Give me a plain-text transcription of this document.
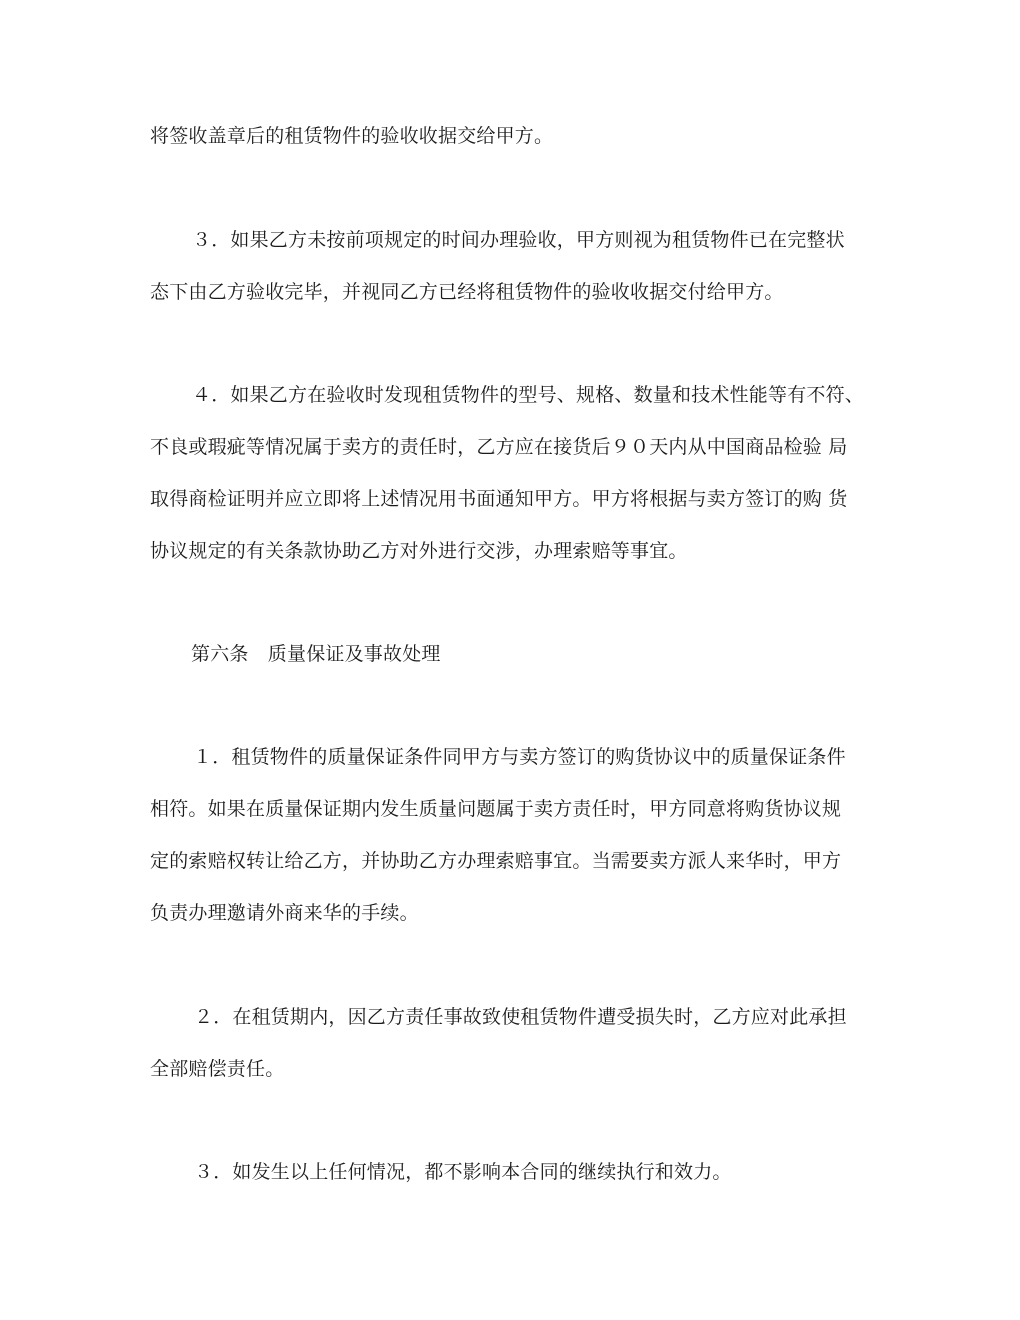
将签收盖章后的租赁物件的验收收据交给甲方。
３．如果乙方未按前项规定的时间办理验收，甲方则视为租赁物件已在完整状
态下由乙方验收完毕，并视同乙方已经将租赁物件的验收收据交付给甲方。
４．如果乙方在验收时发现租赁物件的型号、规格、数量和技术性能等有不符、
不良或瑕疵等情况属于卖方的责任时，乙方应在接货后９０天内从中国商品检验 局
取得商检证明并应立即将上述情况用书面通知甲方。甲方将根据与卖方签订的购 货
协议规定的有关条款协助乙方对外进行交涉，办理索赔等事宜。
第六条　质量保证及事故处理
１．租赁物件的质量保证条件同甲方与卖方签订的购货协议中的质量保证条件
相符。如果在质量保证期内发生质量问题属于卖方责任时，甲方同意将购货协议规
定的索赔权转让给乙方，并协助乙方办理索赔事宜。当需要卖方派人来华时，甲方
负责办理邀请外商来华的手续。
２．在租赁期内，因乙方责任事故致使租赁物件遭受损失时，乙方应对此承担
全部赔偿责任。
３．如发生以上任何情况，都不影响本合同的继续执行和效力。
